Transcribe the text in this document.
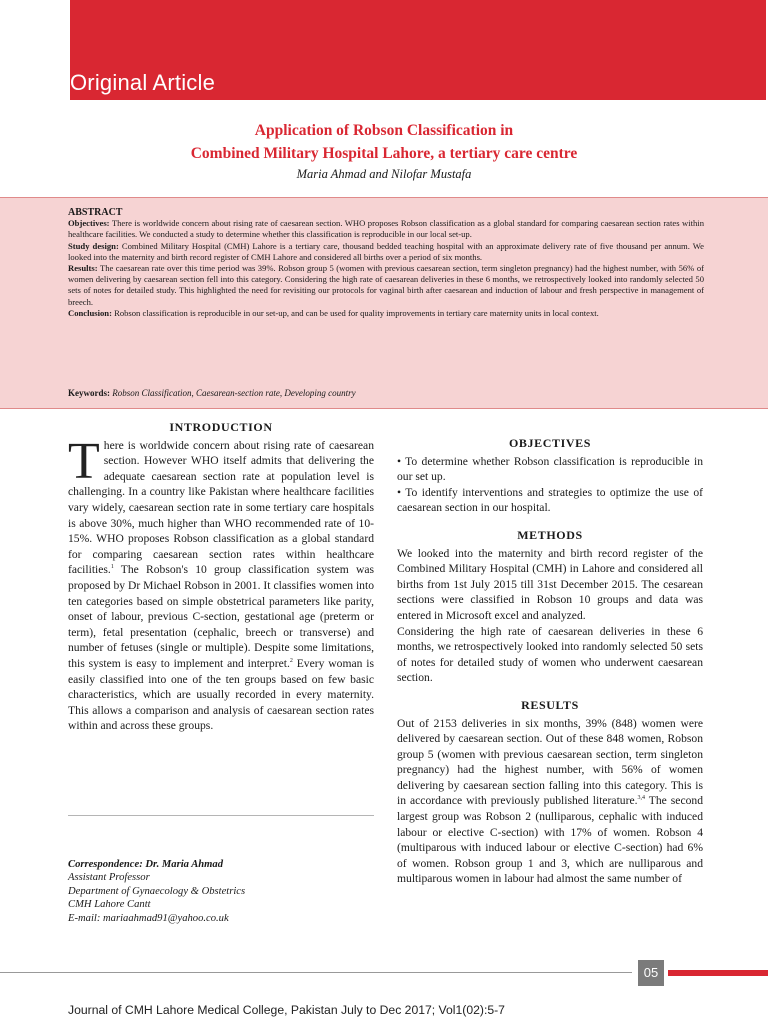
Original Article
Application of Robson Classification in
Combined Military Hospital Lahore, a tertiary care centre
Maria Ahmad and Nilofar Mustafa

ABSTRACT

Objectives: There is worldwide concern about rising rate of caesarean section. WHO proposes Robson classification as a global standard for comparing caesarean section rates within healthcare facilities. We conducted a study to determine whether this classification is reproducible in our local set-up.

Study design: Combined Military Hospital (CMH) Lahore is a tertiary care, thousand bedded teaching hospital with an approximate delivery rate of five thousand per annum. We looked into the maternity and birth record register of CMH Lahore and considered all births over a period of six months.

Results: The caesarean rate over this time period was 39%. Robson group 5 (women with previous caesarean section, term singleton pregnancy) had the highest number, with 56% of women delivering by caesarean section fell into this category. Considering the high rate of caesarean deliveries in these 6 months, we retrospectively looked into randomly selected 50 sets of notes for detailed study. This highlighted the need for revisiting our protocols for vaginal birth after caesarean and induction of labour and fresh perspective in management of breech.

Conclusion: Robson classification is reproducible in our set-up, and can be used for quality improvements in tertiary care maternity units in local context.

Keywords: Robson Classification, Caesarean-section rate, Developing country
INTRODUCTION

There is worldwide concern about rising rate of caesarean section. However WHO itself admits that delivering the adequate caesarean section rate at population level is challenging. In a country like Pakistan where healthcare facilities vary widely, caesarean section rate in some tertiary care hospitals is above 30%, much higher than WHO recommended rate of 10-15%. WHO proposes Robson classification as a global standard for comparing caesarean section rates within healthcare facilities.$^1$ The Robson's 10 group classification system was proposed by Dr Michael Robson in 2001. It classifies women into ten categories based on simple obstetrical parameters like parity, onset of labour, previous C-section, gestational age (preterm or term), fetal presentation (cephalic, breech or transverse) and number of fetuses (single or multiple). Despite some limitations, this system is easy to implement and interpret.$^2$ Every woman is easily classified into one of the ten groups based on few basic characteristics, which are usually recorded in every maternity. This allows a comparison and analysis of caesarean section rates within and across these groups.

Correspondence: Dr. Maria Ahmad
Assistant Professor
Department of Gynaecology & Obstetrics
CMH Lahore Cantt
E-mail: mariaahmad91@yahoo.co.uk
OBJECTIVES

• To determine whether Robson classification is reproducible in our set up.

• To identify interventions and strategies to optimize the use of caesarean section in our hospital.

METHODS

We looked into the maternity and birth record register of the Combined Military Hospital (CMH) in Lahore and considered all births from 1st July 2015 till 31st December 2015. The cesarean sections were classified in Robson 10 groups and data was entered in Microsoft excel and analyzed.

Considering the high rate of caesarean deliveries in these 6 months, we retrospectively looked into randomly selected 50 sets of notes for detailed study of women who underwent caesarean section.

RESULTS

Out of 2153 deliveries in six months, 39% (848) women were delivered by caesarean section. Out of these 848 women, Robson group 5 (women with previous caesarean section, term singleton pregnancy) had the highest number, with 56% of women delivering by caesarean section falling into this category. This is in accordance with previously published literature.$^{3,4}$ The second largest group was Robson 2 (nulliparous, cephalic with induced labour or elective C-section) with 17% of women. Robson 4 (multiparous with induced labour or elective C-section) had 6% of women. Robson group 1 and 3, which are nulliparous and multiparous women in labour had almost the same number of

05
Journal of CMH Lahore Medical College, Pakistan July to Dec 2017; Vol1(02):5-7
